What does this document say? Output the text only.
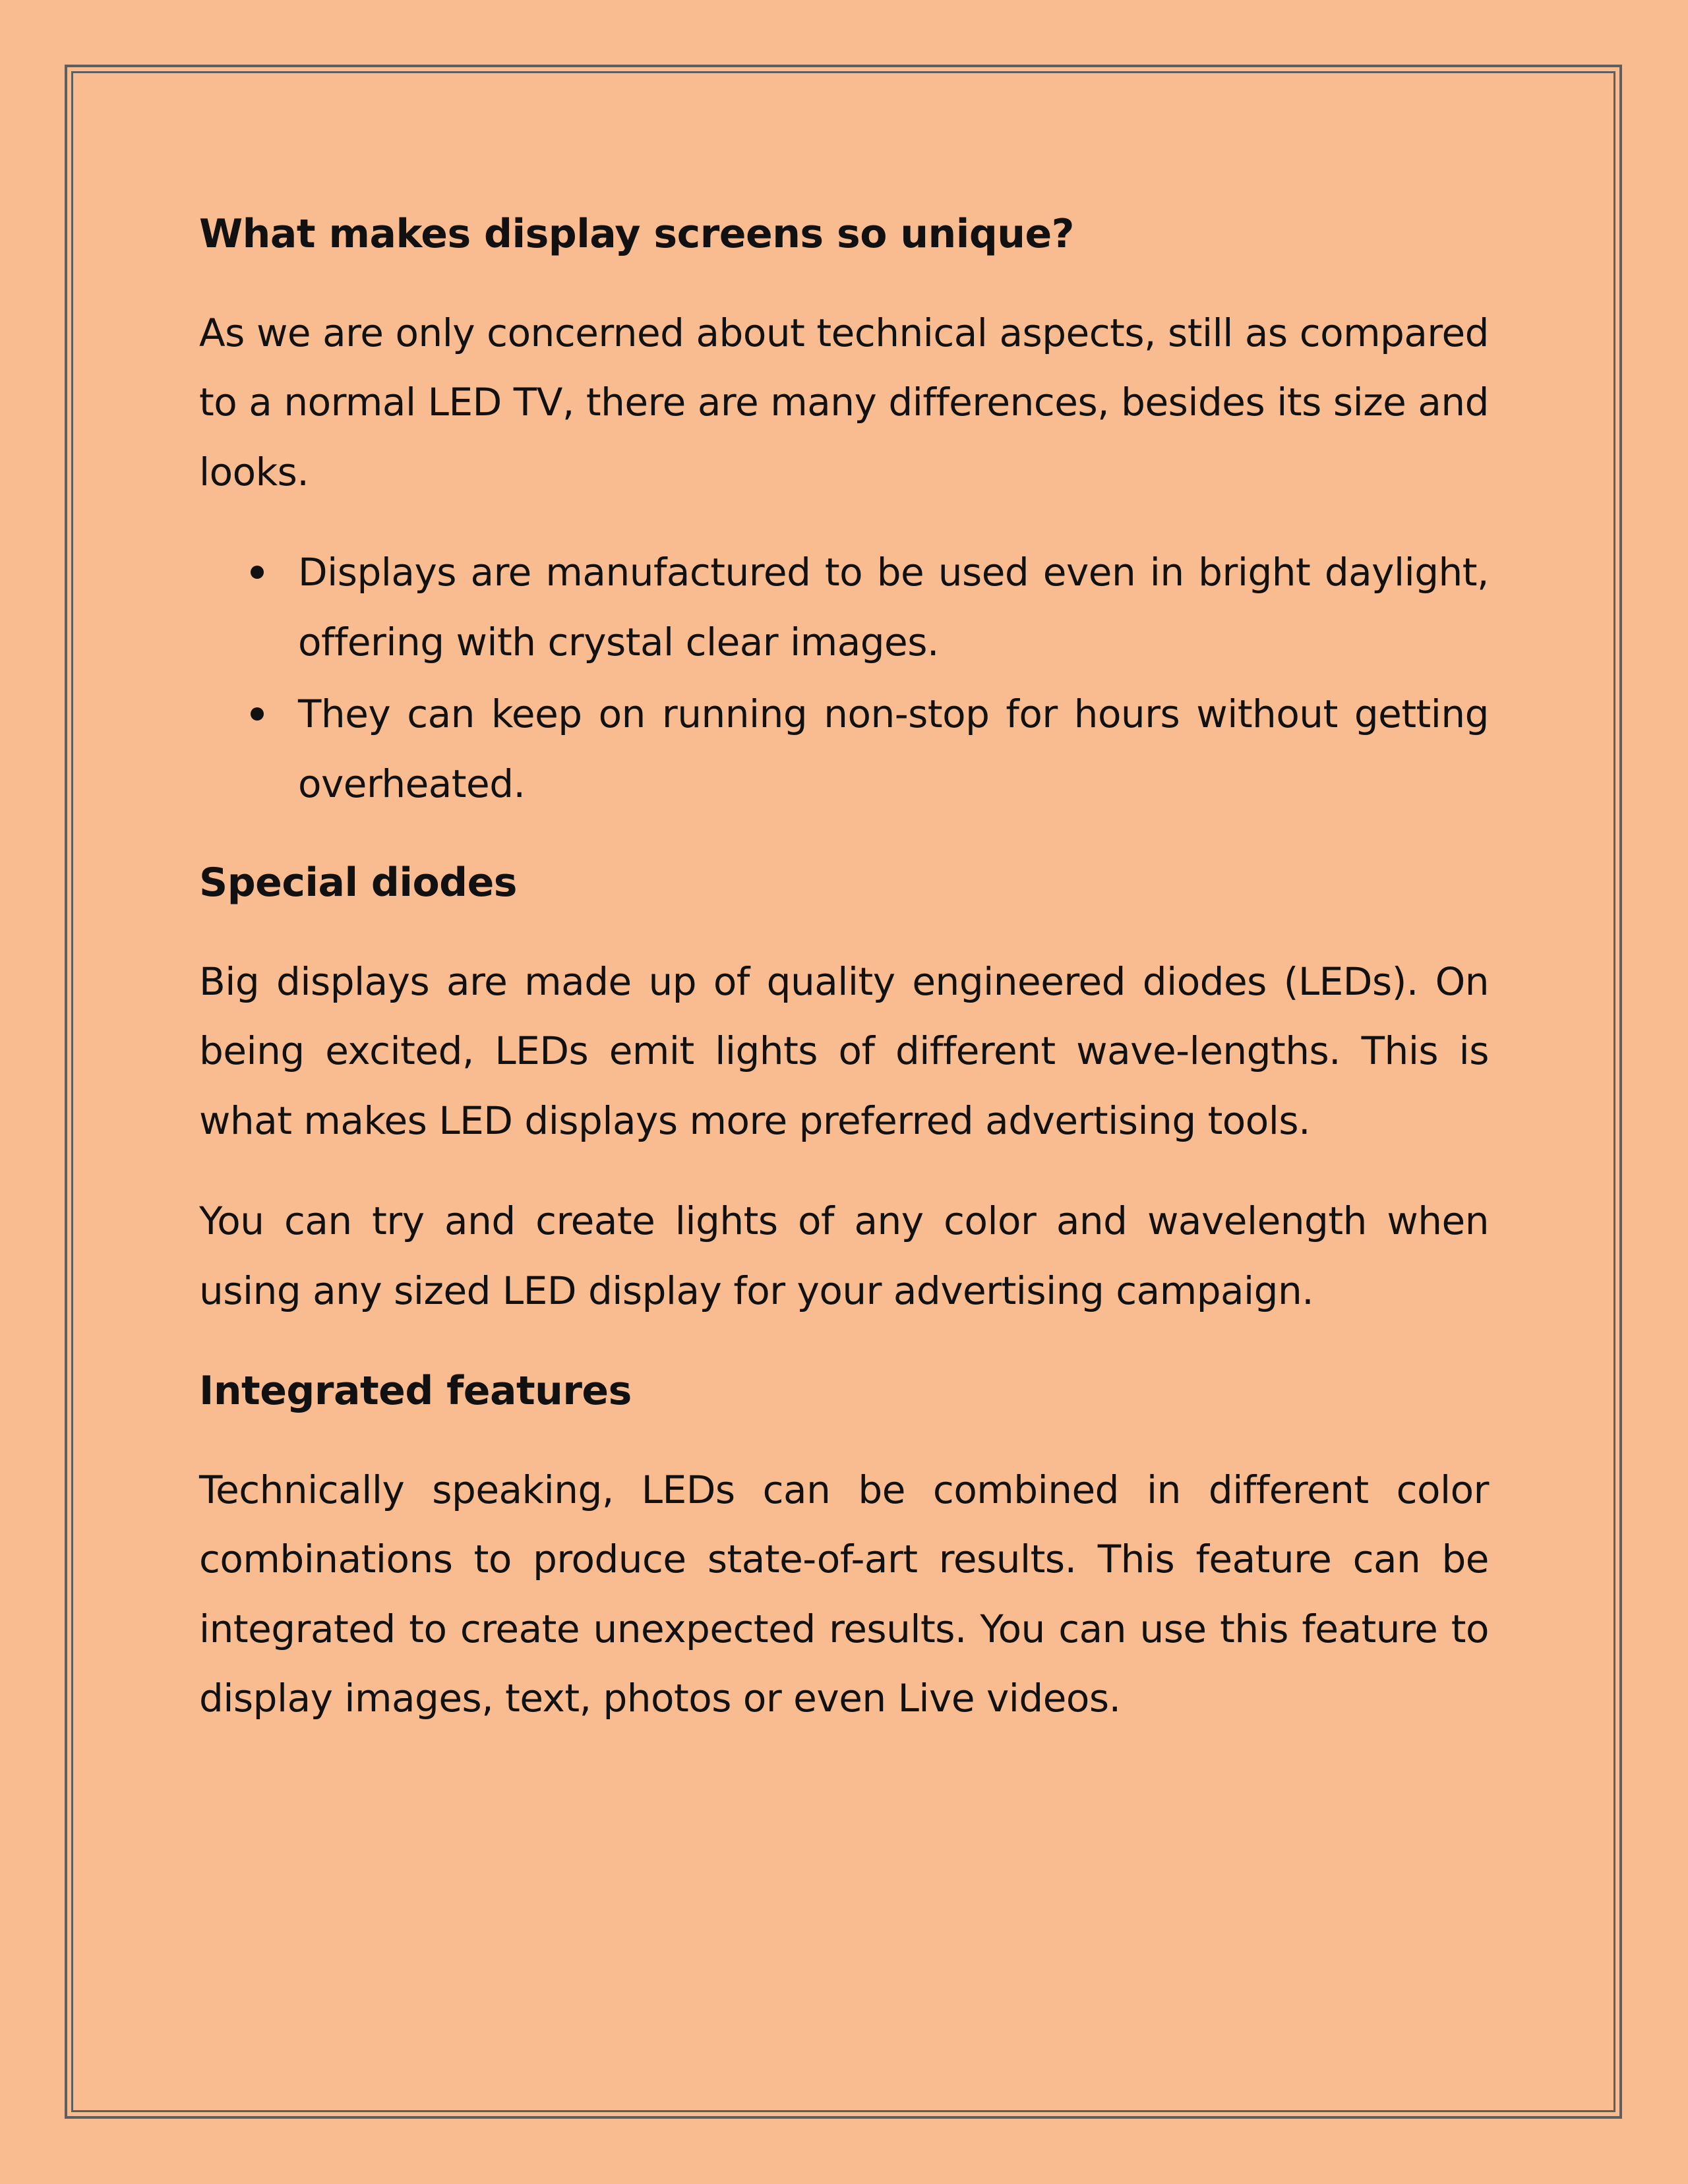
What makes display screens so unique?

As we are only concerned about technical aspects, still as compared to a normal LED TV, there are many differences, besides its size and looks.

Displays are manufactured to be used even in bright daylight, offering with crystal clear images.
They can keep on running non-stop for hours without getting overheated.
Special diodes

Big displays are made up of quality engineered diodes (LEDs). On being excited, LEDs emit lights of different wave-lengths. This is what makes LED displays more preferred advertising tools.

You can try and create lights of any color and wavelength when using any sized LED display for your advertising campaign.

Integrated features

Technically speaking, LEDs can be combined in different color combinations to produce state-of-art results. This feature can be integrated to create unexpected results. You can use this feature to display images, text, photos or even Live videos.
